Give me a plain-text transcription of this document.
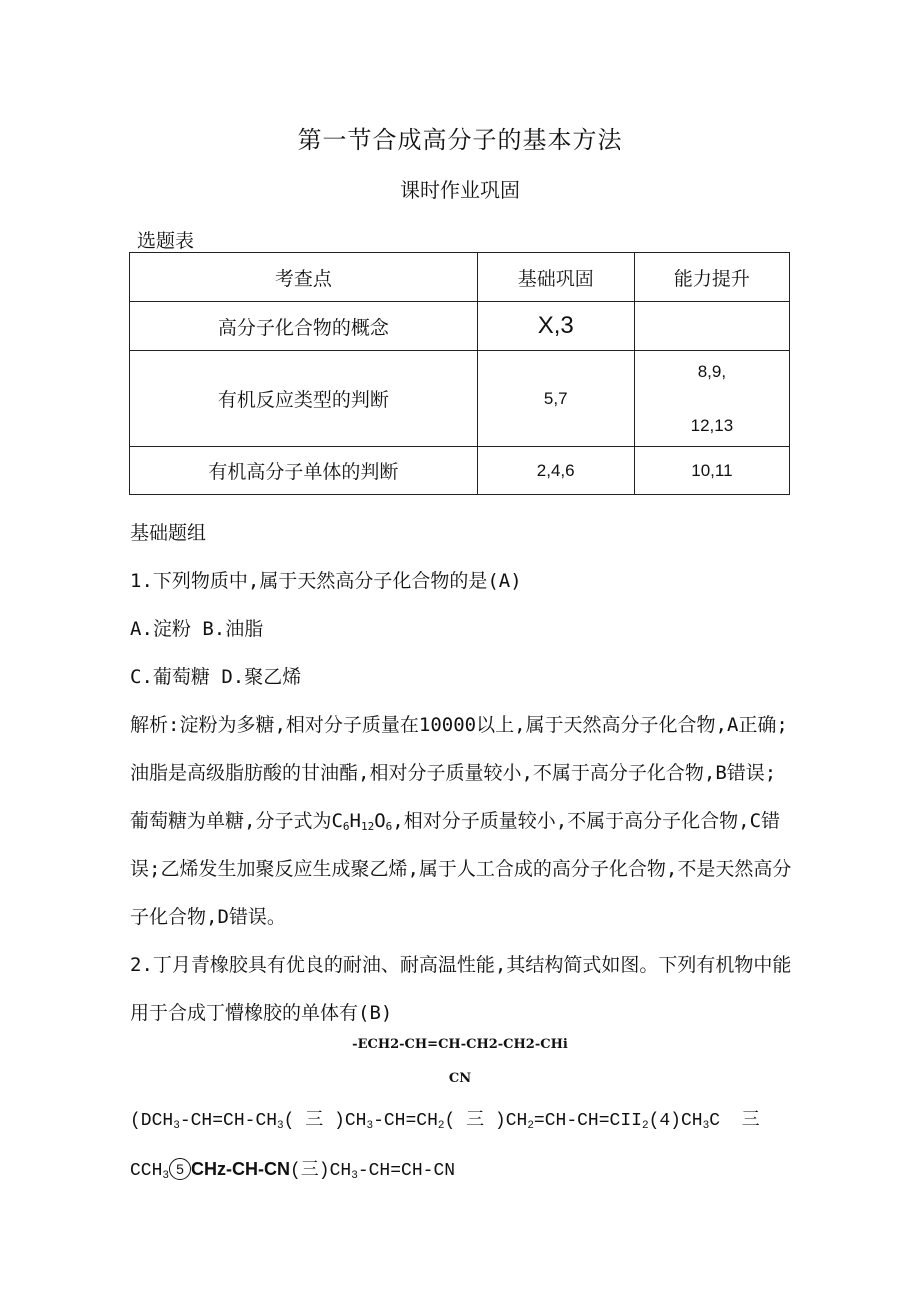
第一节合成高分子的基本方法
课时作业巩固
选题表
考查点	基础巩固	能力提升
高分子化合物的概念	X,3	
有机反应类型的判断	5,7	8,9,
12,13

有机高分子单体的判断	2,4,6	10,11

基础题组

1.下列物质中,属于天然高分子化合物的是(A)

A.淀粉 B.油脂

C.葡萄糖 D.聚乙烯

解析:淀粉为多糖,相对分子质量在10000以上,属于天然高分子化合物,A正确;油脂是高级脂肪酸的甘油酯,相对分子质量较小,不属于高分子化合物,B错误;葡萄糖为单糖,分子式为$C_6H_{12}O_6$,相对分子质量较小,不属于高分子化合物,C错误;乙烯发生加聚反应生成聚乙烯,属于人工合成的高分子化合物,不是天然高分子化合物,D错误。

2.丁月青橡胶具有优良的耐油、耐高温性能,其结构简式如图。下列有机物中能用于合成丁懵橡胶的单体有(B)

-ECH2-CH=CH-CH2-CH2-CHi
CN

($DCH_3-CH=CH-CH_3$( 三 )$CH_3-CH=CH_2$( 三 )$CH_2=CH-CH=CII_2(4)CH_3C$  三

$CCH_3$ 5 CHz-CH-CN(三)$CH_3-CH=CH-CN$
